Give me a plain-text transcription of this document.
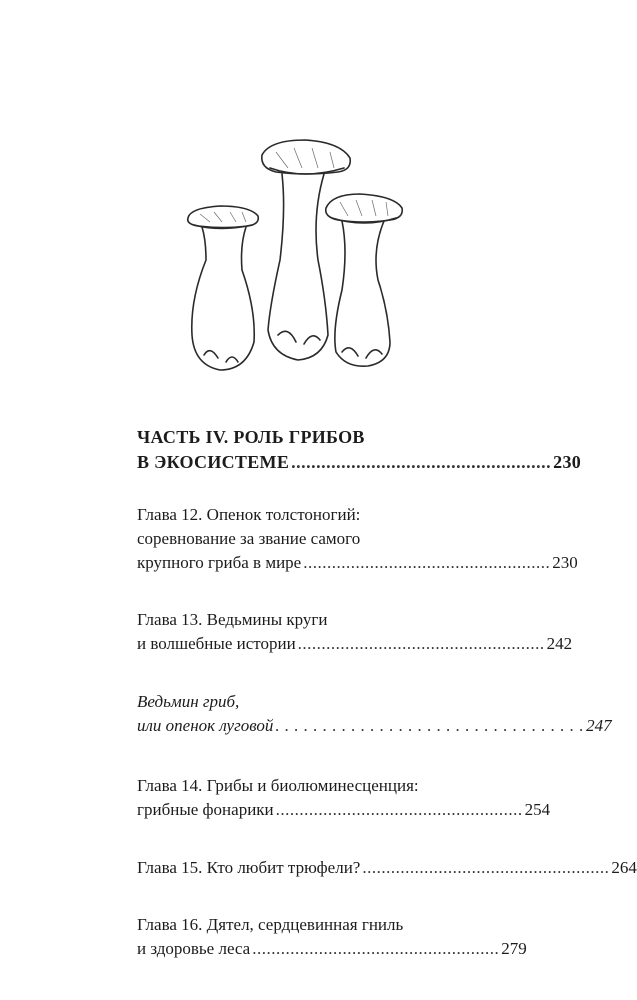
ЧАСТЬ IV. РОЛЬ ГРИБОВ
В ЭКОСИСТЕМЕ .................................................... 230
Глава 12. Опенок толстоногий:
соревнование за звание самого
крупного гриба в мире .................................................... 230
Глава 13. Ведьмины круги
и волшебные истории .................................................... 242
Ведьмин гриб,
или опенок луговой . . . . . . . . . . . . . . . . . . . . . . . . . . . . . . . . . 247
Глава 14. Грибы и биолюминесценция:
грибные фонарики .................................................... 254
Глава 15. Кто любит трюфели? .................................................... 264
Глава 16. Дятел, сердцевинная гниль
и здоровье леса .................................................... 279
